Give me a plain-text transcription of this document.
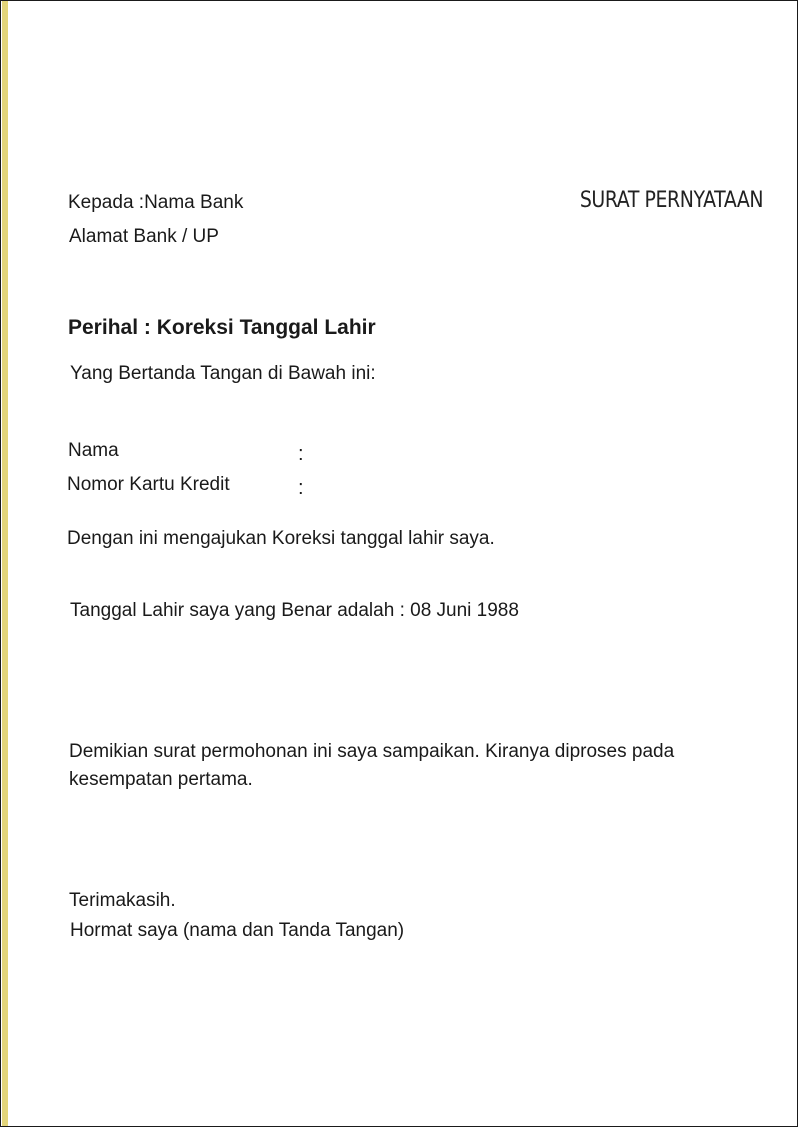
SURAT PERNYATAAN

Kepada :Nama Bank

Alamat Bank / UP

Perihal : Koreksi Tanggal Lahir

Yang Bertanda Tangan di Bawah ini:

Nama	:

Nomor Kartu Kredit	:

Dengan ini mengajukan Koreksi tanggal lahir saya.

Tanggal Lahir saya yang Benar adalah : 08 Juni 1988

Demikian surat permohonan ini saya sampaikan. Kiranya diproses pada kesempatan pertama.

Terimakasih.

Hormat saya (nama dan Tanda Tangan)
